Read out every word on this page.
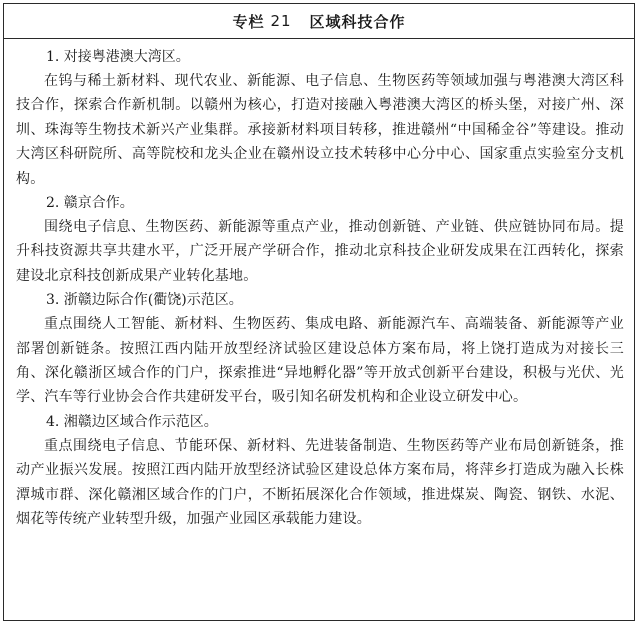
专栏 21 区域科技合作
1. 对接粤港澳大湾区。

在钨与稀土新材料、现代农业、新能源、电子信息、生物医药等领域加强与粤港澳大湾区科技合作，探索合作新机制。以赣州为核心，打造对接融入粤港澳大湾区的桥头堡，对接广州、深圳、珠海等生物技术新兴产业集群。承接新材料项目转移，推进赣州“中国稀金谷”等建设。推动大湾区科研院所、高等院校和龙头企业在赣州设立技术转移中心分中心、国家重点实验室分支机构。

2. 赣京合作。

围绕电子信息、生物医药、新能源等重点产业，推动创新链、产业链、供应链协同布局。提升科技资源共享共建水平，广泛开展产学研合作，推动北京科技企业研发成果在江西转化，探索建设北京科技创新成果产业转化基地。

3. 浙赣边际合作(衢饶)示范区。

重点围绕人工智能、新材料、生物医药、集成电路、新能源汽车、高端装备、新能源等产业部署创新链条。按照江西内陆开放型经济试验区建设总体方案布局，将上饶打造成为对接长三角、深化赣浙区域合作的门户，探索推进“异地孵化器”等开放式创新平台建设，积极与光伏、光学、汽车等行业协会合作共建研发平台，吸引知名研发机构和企业设立研发中心。

4. 湘赣边区域合作示范区。

重点围绕电子信息、节能环保、新材料、先进装备制造、生物医药等产业布局创新链条，推动产业振兴发展。按照江西内陆开放型经济试验区建设总体方案布局，将萍乡打造成为融入长株潭城市群、深化赣湘区域合作的门户，不断拓展深化合作领域，推进煤炭、陶瓷、钢铁、水泥、烟花等传统产业转型升级，加强产业园区承载能力建设。
